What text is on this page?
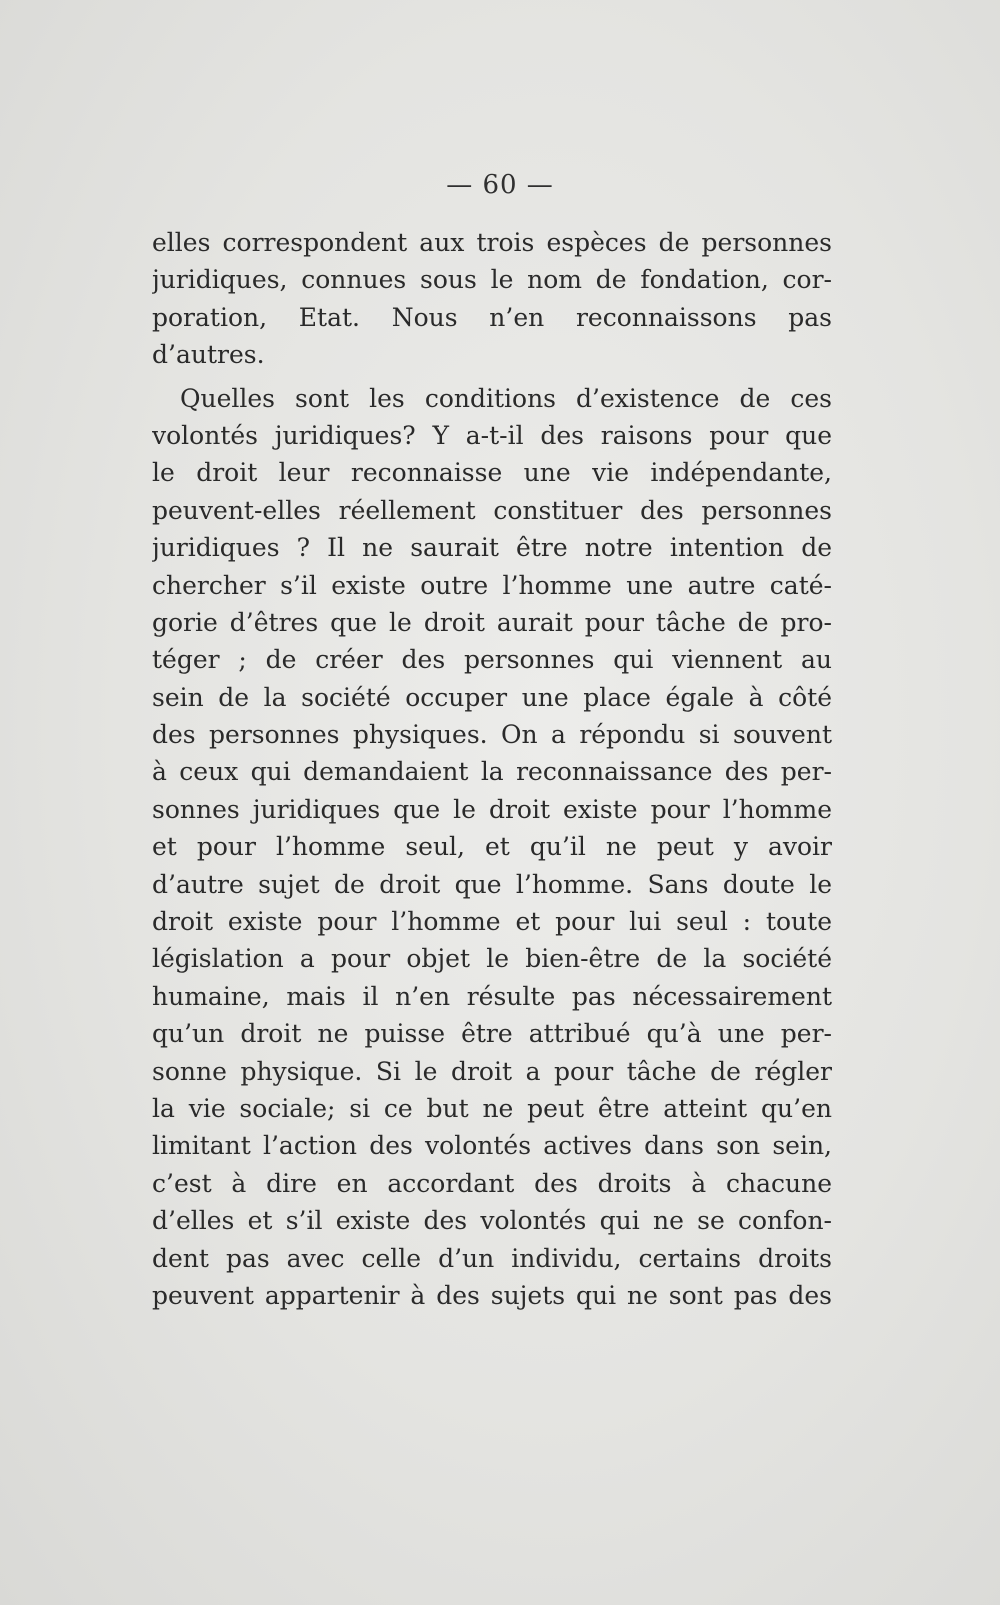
— 60 —

elles correspondent aux trois espèces de personnes
juridiques, connues sous le nom de fondation, cor-
poration, Etat. Nous n’en reconnaissons pas
d’autres.

Quelles sont les conditions d’existence de ces
volontés juridiques? Y a-t-il des raisons pour que
le droit leur reconnaisse une vie indépendante,
peuvent-elles réellement constituer des personnes
juridiques ? Il ne saurait être notre intention de
chercher s’il existe outre l’homme une autre caté-
gorie d’êtres que le droit aurait pour tâche de pro-
téger ; de créer des personnes qui viennent au
sein de la société occuper une place égale à côté
des personnes physiques. On a répondu si souvent
à ceux qui demandaient la reconnaissance des per-
sonnes juridiques que le droit existe pour l’homme
et pour l’homme seul, et qu’il ne peut y avoir
d’autre sujet de droit que l’homme. Sans doute le
droit existe pour l’homme et pour lui seul : toute
législation a pour objet le bien-être de la société
humaine, mais il n’en résulte pas nécessairement
qu’un droit ne puisse être attribué qu’à une per-
sonne physique. Si le droit a pour tâche de régler
la vie sociale; si ce but ne peut être atteint qu’en
limitant l’action des volontés actives dans son sein,
c’est à dire en accordant des droits à chacune
d’elles et s’il existe des volontés qui ne se confon-
dent pas avec celle d’un individu, certains droits
peuvent appartenir à des sujets qui ne sont pas des
